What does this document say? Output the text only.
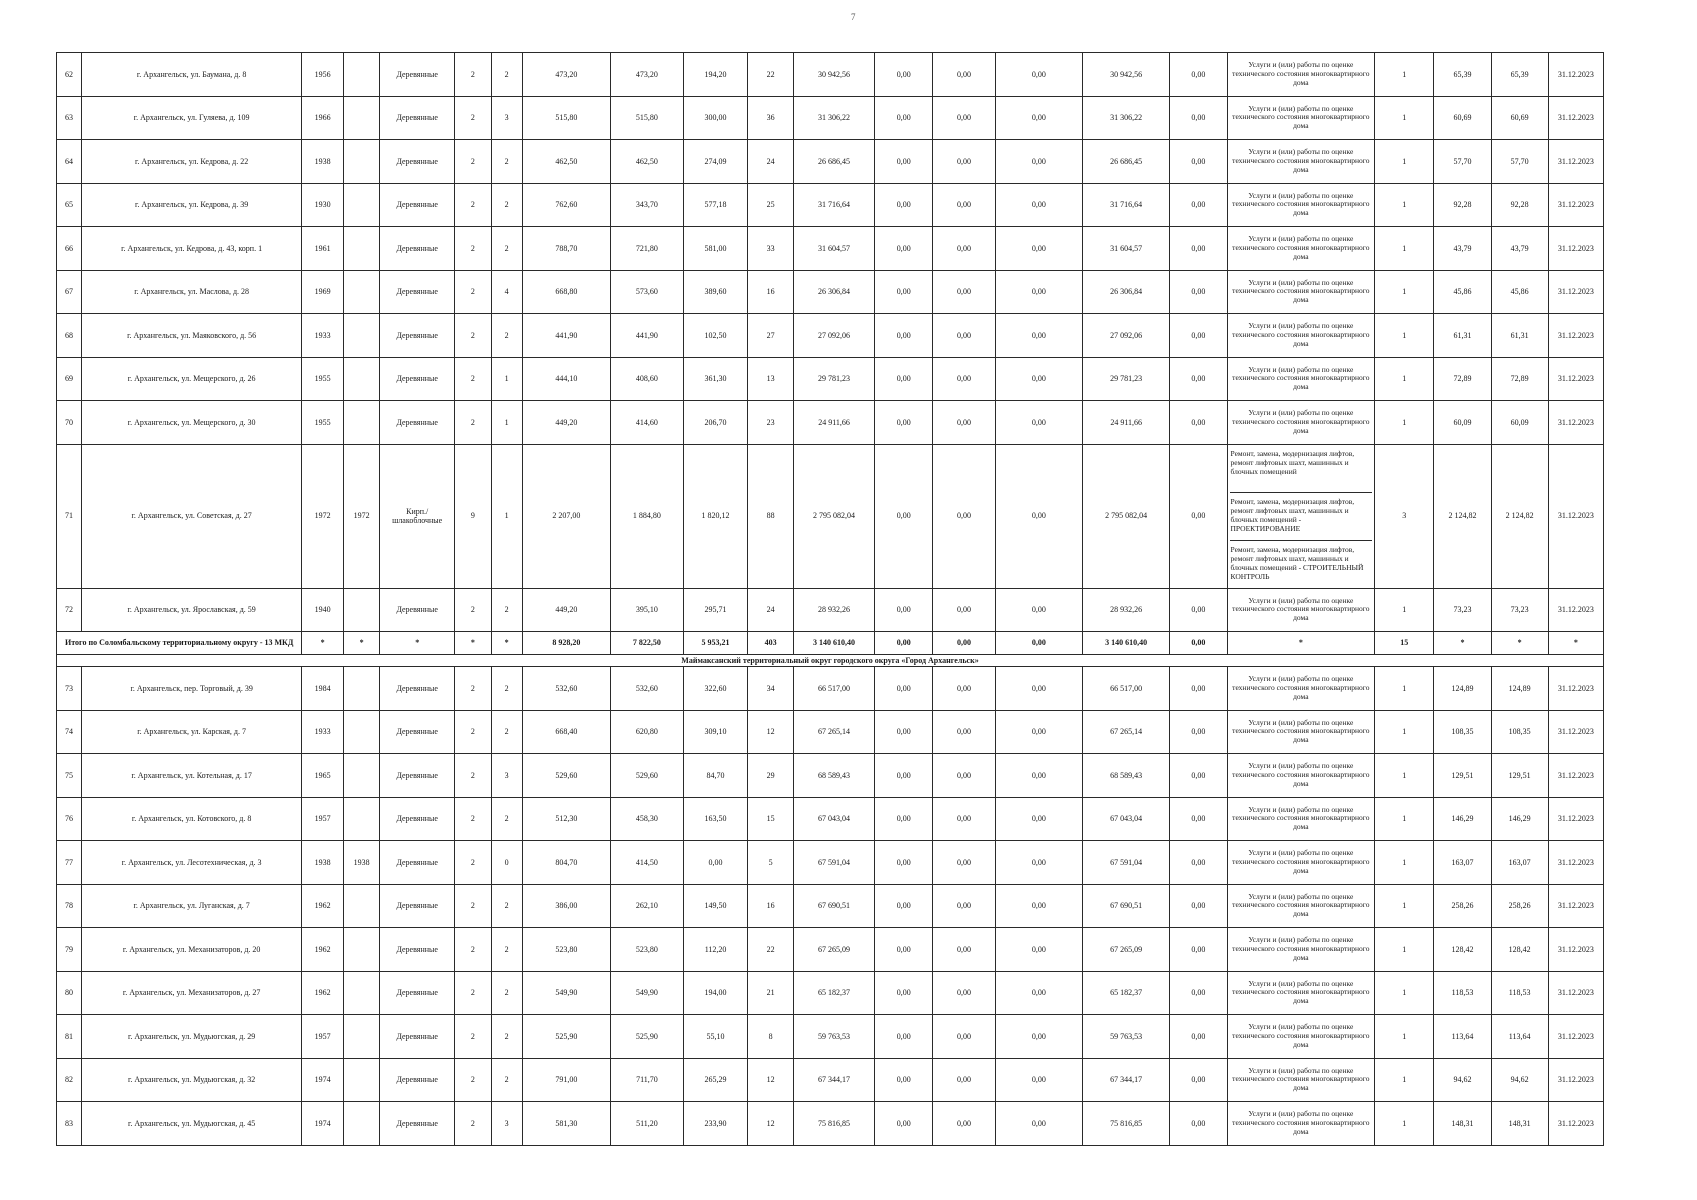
7
62	г. Архангельск, ул. Баумана, д. 8	1956		Деревянные	2	2	473,20	473,20	194,20	22	30 942,56	0,00	0,00	0,00	30 942,56	0,00	Услуги и (или) работы по оценке технического состояния многоквартирного дома	1	65,39	65,39	31.12.2023
63	г. Архангельск, ул. Гуляева, д. 109	1966		Деревянные	2	3	515,80	515,80	300,00	36	31 306,22	0,00	0,00	0,00	31 306,22	0,00	Услуги и (или) работы по оценке технического состояния многоквартирного дома	1	60,69	60,69	31.12.2023
64	г. Архангельск, ул. Кедрова, д. 22	1938		Деревянные	2	2	462,50	462,50	274,09	24	26 686,45	0,00	0,00	0,00	26 686,45	0,00	Услуги и (или) работы по оценке технического состояния многоквартирного дома	1	57,70	57,70	31.12.2023
65	г. Архангельск, ул. Кедрова, д. 39	1930		Деревянные	2	2	762,60	343,70	577,18	25	31 716,64	0,00	0,00	0,00	31 716,64	0,00	Услуги и (или) работы по оценке технического состояния многоквартирного дома	1	92,28	92,28	31.12.2023
66	г. Архангельск, ул. Кедрова, д. 43, корп. 1	1961		Деревянные	2	2	788,70	721,80	581,00	33	31 604,57	0,00	0,00	0,00	31 604,57	0,00	Услуги и (или) работы по оценке технического состояния многоквартирного дома	1	43,79	43,79	31.12.2023
67	г. Архангельск, ул. Маслова, д. 28	1969		Деревянные	2	4	668,80	573,60	389,60	16	26 306,84	0,00	0,00	0,00	26 306,84	0,00	Услуги и (или) работы по оценке технического состояния многоквартирного дома	1	45,86	45,86	31.12.2023
68	г. Архангельск, ул. Маяковского, д. 56	1933		Деревянные	2	2	441,90	441,90	102,50	27	27 092,06	0,00	0,00	0,00	27 092,06	0,00	Услуги и (или) работы по оценке технического состояния многоквартирного дома	1	61,31	61,31	31.12.2023
69	г. Архангельск, ул. Мещерского, д. 26	1955		Деревянные	2	1	444,10	408,60	361,30	13	29 781,23	0,00	0,00	0,00	29 781,23	0,00	Услуги и (или) работы по оценке технического состояния многоквартирного дома	1	72,89	72,89	31.12.2023
70	г. Архангельск, ул. Мещерского, д. 30	1955		Деревянные	2	1	449,20	414,60	206,70	23	24 911,66	0,00	0,00	0,00	24 911,66	0,00	Услуги и (или) работы по оценке технического состояния многоквартирного дома	1	60,09	60,09	31.12.2023
71	г. Архангельск, ул. Советская, д. 27	1972	1972	Кирп./ шлакоблочные	9	1	2 207,00	1 884,80	1 820,12	88	2 795 082,04	0,00	0,00	0,00	2 795 082,04	0,00	Ремонт, замена, модернизация лифтов, ремонт лифтовых шахт, машинных и блочных помещений
Ремонт, замена, модернизация лифтов, ремонт лифтовых шахт, машинных и блочных помещений - ПРОЕКТИРОВАНИЕ
Ремонт, замена, модернизация лифтов, ремонт лифтовых шахт, машинных и блочных помещений - СТРОИТЕЛЬНЫЙ КОНТРОЛЬ	3	2 124,82	2 124,82	31.12.2023
72	г. Архангельск, ул. Ярославская, д. 59	1940		Деревянные	2	2	449,20	395,10	295,71	24	28 932,26	0,00	0,00	0,00	28 932,26	0,00	Услуги и (или) работы по оценке технического состояния многоквартирного дома	1	73,23	73,23	31.12.2023
Итого по Соломбальскому территориальному округу - 13 МКД		*	*	*	*	*	8 928,20	7 822,50	5 953,21	403	3 140 610,40	0,00	0,00	0,00	3 140 610,40	0,00	*	15	*	*	*
Маймаксанский территориальный округ городского округа «Город Архангельск»																					
73	г. Архангельск, пер. Торговый, д. 39	1984		Деревянные	2	2	532,60	532,60	322,60	34	66 517,00	0,00	0,00	0,00	66 517,00	0,00	Услуги и (или) работы по оценке технического состояния многоквартирного дома	1	124,89	124,89	31.12.2023
74	г. Архангельск, ул. Карская, д. 7	1933		Деревянные	2	2	668,40	620,80	309,10	12	67 265,14	0,00	0,00	0,00	67 265,14	0,00	Услуги и (или) работы по оценке технического состояния многоквартирного дома	1	108,35	108,35	31.12.2023
75	г. Архангельск, ул. Котельная, д. 17	1965		Деревянные	2	3	529,60	529,60	84,70	29	68 589,43	0,00	0,00	0,00	68 589,43	0,00	Услуги и (или) работы по оценке технического состояния многоквартирного дома	1	129,51	129,51	31.12.2023
76	г. Архангельск, ул. Котовского, д. 8	1957		Деревянные	2	2	512,30	458,30	163,50	15	67 043,04	0,00	0,00	0,00	67 043,04	0,00	Услуги и (или) работы по оценке технического состояния многоквартирного дома	1	146,29	146,29	31.12.2023
77	г. Архангельск, ул. Лесотехническая, д. 3	1938	1938	Деревянные	2	0	804,70	414,50	0,00	5	67 591,04	0,00	0,00	0,00	67 591,04	0,00	Услуги и (или) работы по оценке технического состояния многоквартирного дома	1	163,07	163,07	31.12.2023
78	г. Архангельск, ул. Луганская, д. 7	1962		Деревянные	2	2	386,00	262,10	149,50	16	67 690,51	0,00	0,00	0,00	67 690,51	0,00	Услуги и (или) работы по оценке технического состояния многоквартирного дома	1	258,26	258,26	31.12.2023
79	г. Архангельск, ул. Механизаторов, д. 20	1962		Деревянные	2	2	523,80	523,80	112,20	22	67 265,09	0,00	0,00	0,00	67 265,09	0,00	Услуги и (или) работы по оценке технического состояния многоквартирного дома	1	128,42	128,42	31.12.2023
80	г. Архангельск, ул. Механизаторов, д. 27	1962		Деревянные	2	2	549,90	549,90	194,00	21	65 182,37	0,00	0,00	0,00	65 182,37	0,00	Услуги и (или) работы по оценке технического состояния многоквартирного дома	1	118,53	118,53	31.12.2023
81	г. Архангельск, ул. Мудьюгская, д. 29	1957		Деревянные	2	2	525,90	525,90	55,10	8	59 763,53	0,00	0,00	0,00	59 763,53	0,00	Услуги и (или) работы по оценке технического состояния многоквартирного дома	1	113,64	113,64	31.12.2023
82	г. Архангельск, ул. Мудьюгская, д. 32	1974		Деревянные	2	2	791,00	711,70	265,29	12	67 344,17	0,00	0,00	0,00	67 344,17	0,00	Услуги и (или) работы по оценке технического состояния многоквартирного дома	1	94,62	94,62	31.12.2023
83	г. Архангельск, ул. Мудьюгская, д. 45	1974		Деревянные	2	3	581,30	511,20	233,90	12	75 816,85	0,00	0,00	0,00	75 816,85	0,00	Услуги и (или) работы по оценке технического состояния многоквартирного дома	1	148,31	148,31	31.12.2023
